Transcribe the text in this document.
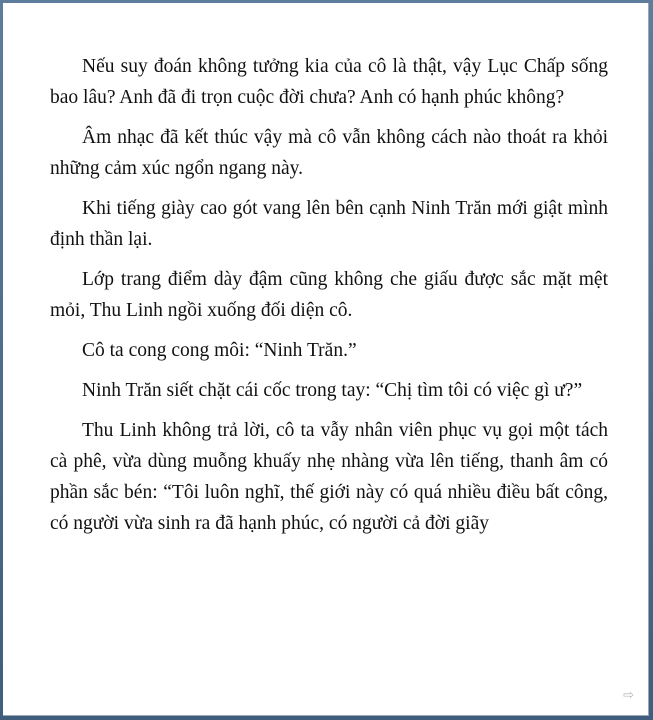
Nếu suy đoán không tưởng kia của cô là thật, vậy Lục Chấp sống bao lâu? Anh đã đi trọn cuộc đời chưa? Anh có hạnh phúc không?

Âm nhạc đã kết thúc vậy mà cô vẫn không cách nào thoát ra khỏi những cảm xúc ngổn ngang này.

Khi tiếng giày cao gót vang lên bên cạnh Ninh Trăn mới giật mình định thần lại.

Lớp trang điểm dày đậm cũng không che giấu được sắc mặt mệt mỏi, Thu Linh ngồi xuống đối diện cô.

Cô ta cong cong môi: “Ninh Trăn.”

Ninh Trăn siết chặt cái cốc trong tay: “Chị tìm tôi có việc gì ư?”

Thu Linh không trả lời, cô ta vẫy nhân viên phục vụ gọi một tách cà phê, vừa dùng muỗng khuấy nhẹ nhàng vừa lên tiếng, thanh âm có phần sắc bén: “Tôi luôn nghĩ, thế giới này có quá nhiều điều bất công, có người vừa sinh ra đã hạnh phúc, có người cả đời giãy

⇨
